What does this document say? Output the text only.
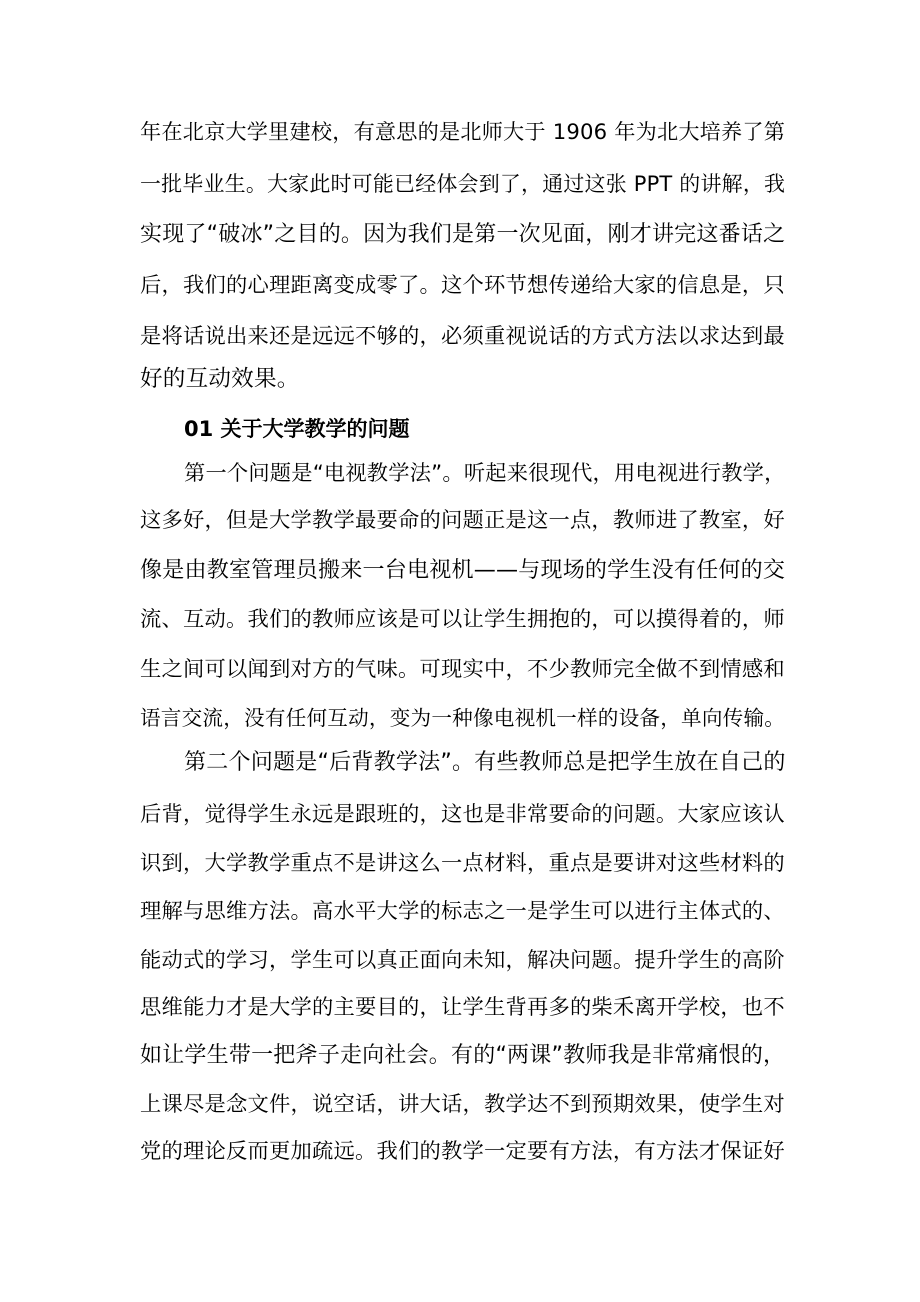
年在北京大学里建校，有意思的是北师大于 1906 年为北大培养了第
一批毕业生。大家此时可能已经体会到了，通过这张 PPT 的讲解，我
实现了“破冰”之目的。因为我们是第一次见面，刚才讲完这番话之
后，我们的心理距离变成零了。这个环节想传递给大家的信息是，只
是将话说出来还是远远不够的，必须重视说话的方式方法以求达到最
好的互动效果。
01 关于大学教学的问题
第一个问题是“电视教学法”。听起来很现代，用电视进行教学，
这多好，但是大学教学最要命的问题正是这一点，教师进了教室，好
像是由教室管理员搬来一台电视机——与现场的学生没有任何的交
流、互动。我们的教师应该是可以让学生拥抱的，可以摸得着的，师
生之间可以闻到对方的气味。可现实中，不少教师完全做不到情感和
语言交流，没有任何互动，变为一种像电视机一样的设备，单向传输。
第二个问题是“后背教学法”。有些教师总是把学生放在自己的
后背，觉得学生永远是跟班的，这也是非常要命的问题。大家应该认
识到，大学教学重点不是讲这么一点材料，重点是要讲对这些材料的
理解与思维方法。高水平大学的标志之一是学生可以进行主体式的、
能动式的学习，学生可以真正面向未知，解决问题。提升学生的高阶
思维能力才是大学的主要目的，让学生背再多的柴禾离开学校，也不
如让学生带一把斧子走向社会。有的“两课”教师我是非常痛恨的，
上课尽是念文件，说空话，讲大话，教学达不到预期效果，使学生对
党的理论反而更加疏远。我们的教学一定要有方法，有方法才保证好
